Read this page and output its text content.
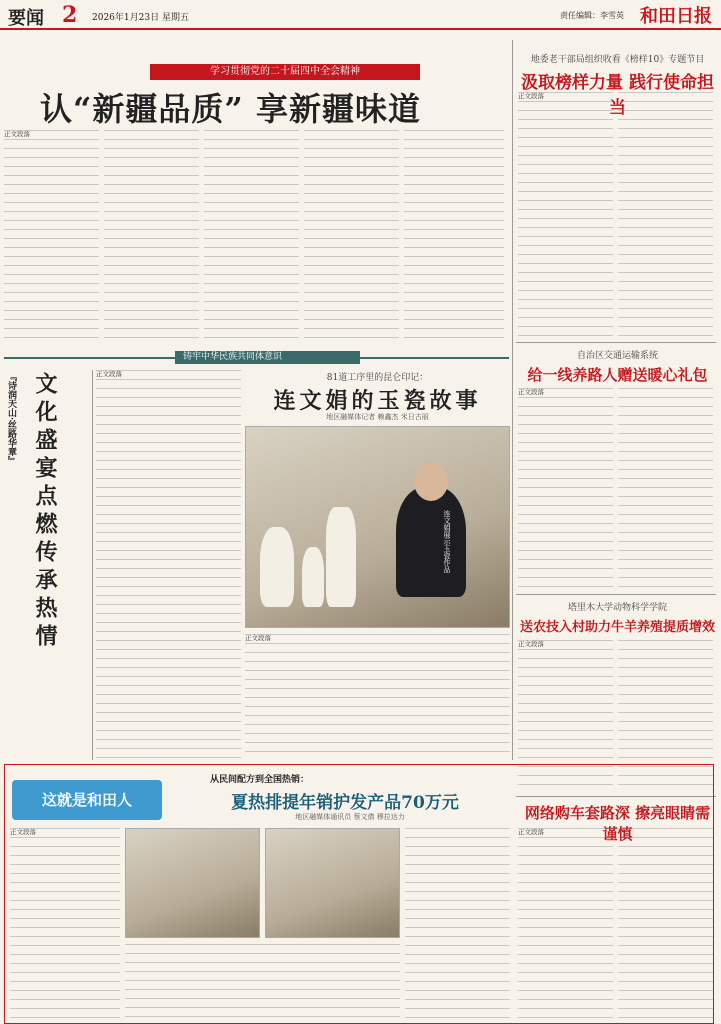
要闻 2 2026年1月23日 星期五	责任编辑：李雪英 和田日报
学习贯彻党的二十届四中全会精神
认“新疆品质” 享新疆味道
正文段落
地委老干部局组织收看《榜样10》专题节目
汲取榜样力量 践行使命担当
正文段落
自治区交通运输系统
给一线养路人赠送暖心礼包
正文段落
塔里木大学动物科学学院
送农技入村助力牛羊养殖提质增效
正文段落
网络购车套路深 擦亮眼睛需谨慎
正文段落
铸牢中华民族共同体意识
『诗润天山·丝路华章』 文化盛宴点燃传承热情	正文段落	81道工序里的昆仑印记：
连文娟的玉瓷故事
地区融媒体记者 赖鑫杰 米日古丽
连文娟展示玉瓷作品
正文段落
这就是和田人
从民间配方到全国热销：
夏热排提年销护发产品70万元
地区融媒体通讯员 蔡文倩 穆拉达力
正文段落
